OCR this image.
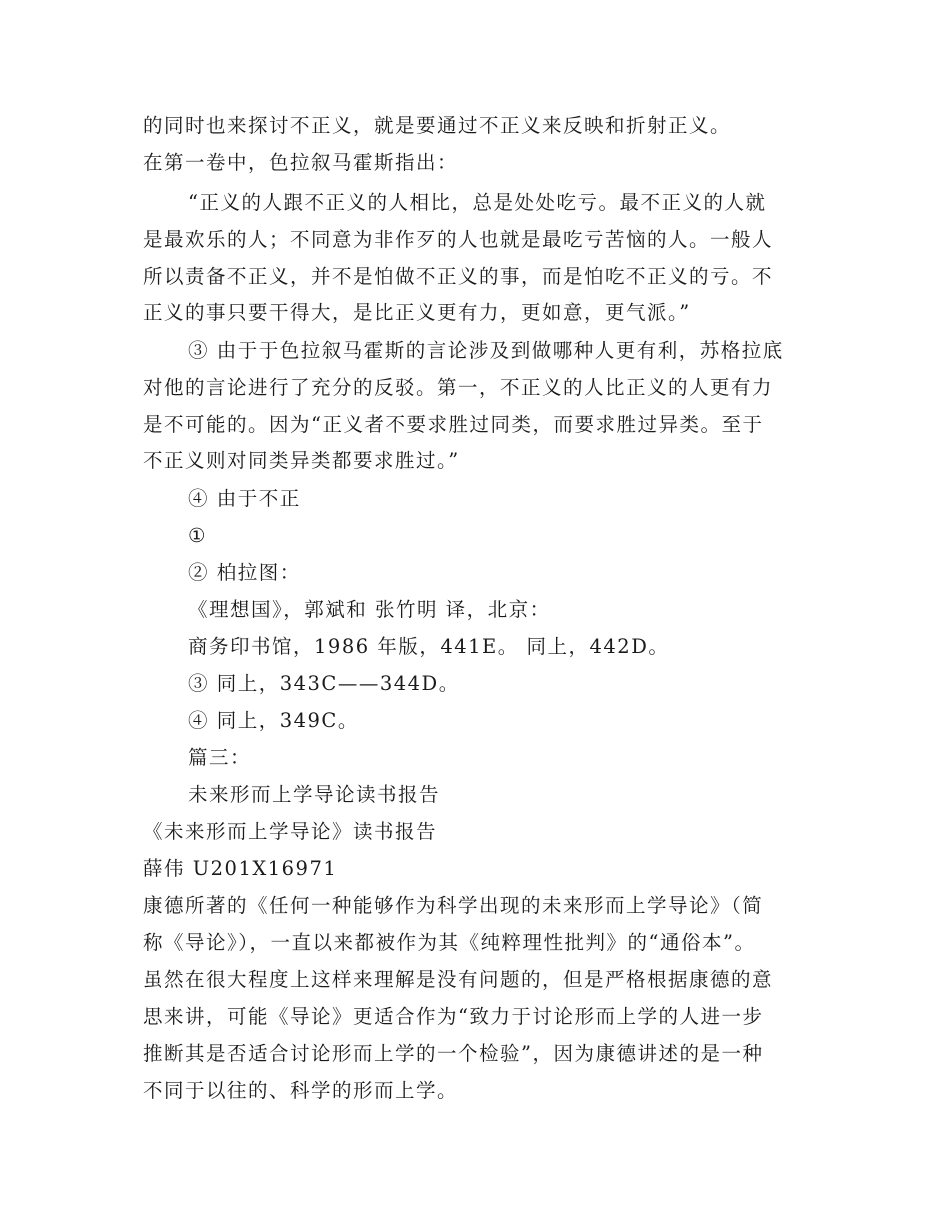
的同时也来探讨不正义，就是要通过不正义来反映和折射正义。
在第一卷中，色拉叙马霍斯指出：
“正义的人跟不正义的人相比，总是处处吃亏。最不正义的人就
是最欢乐的人；不同意为非作歹的人也就是最吃亏苦恼的人。一般人
所以责备不正义，并不是怕做不正义的事，而是怕吃不正义的亏。不
正义的事只要干得大，是比正义更有力，更如意，更气派。”
③ 由于于色拉叙马霍斯的言论涉及到做哪种人更有利，苏格拉底
对他的言论进行了充分的反驳。第一，不正义的人比正义的人更有力
是不可能的。因为“正义者不要求胜过同类，而要求胜过异类。至于
不正义则对同类异类都要求胜过。”
④ 由于不正
①
② 柏拉图：
《理想国》，郭斌和 张竹明 译，北京：
商务印书馆，1986 年版，441E。 同上，442D。
③ 同上，343C——344D。
④ 同上，349C。
篇三：
未来形而上学导论读书报告
《未来形而上学导论》读书报告
薛伟 U201X16971
康德所著的《任何一种能够作为科学出现的未来形而上学导论》（简
称《导论》），一直以来都被作为其《纯粹理性批判》的“通俗本”。
虽然在很大程度上这样来理解是没有问题的，但是严格根据康德的意
思来讲，可能《导论》更适合作为“致力于讨论形而上学的人进一步
推断其是否适合讨论形而上学的一个检验”，因为康德讲述的是一种
不同于以往的、科学的形而上学。
